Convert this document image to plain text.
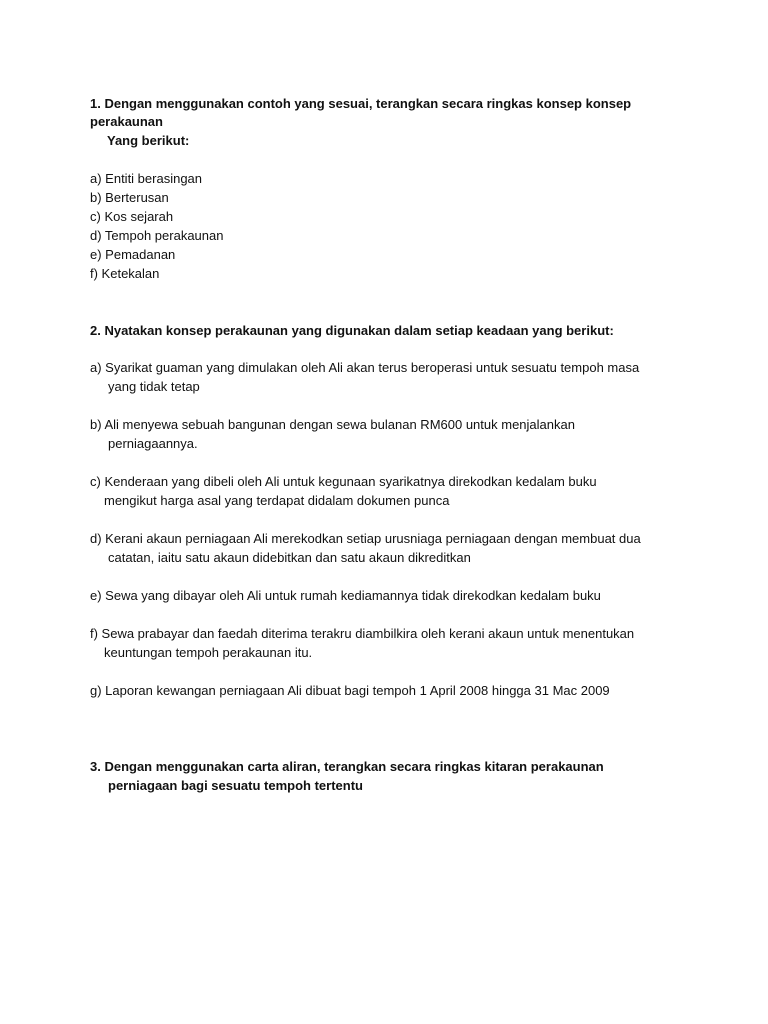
1. Dengan menggunakan contoh yang sesuai, terangkan secara ringkas konsep konsep
perakaunan
Yang berikut:
a) Entiti berasingan
b) Berterusan
c) Kos sejarah
d) Tempoh perakaunan
e) Pemadanan
f) Ketekalan
2. Nyatakan konsep perakaunan yang digunakan dalam setiap keadaan yang berikut:
a) Syarikat guaman yang dimulakan oleh Ali akan terus beroperasi untuk sesuatu tempoh masa
yang tidak tetap
b) Ali menyewa sebuah bangunan dengan sewa bulanan RM600 untuk menjalankan
perniagaannya.
c) Kenderaan yang dibeli oleh Ali untuk kegunaan syarikatnya direkodkan kedalam buku
mengikut harga asal yang terdapat didalam dokumen punca
d) Kerani akaun perniagaan Ali merekodkan setiap urusniaga perniagaan dengan membuat dua
catatan, iaitu satu akaun didebitkan dan satu akaun dikreditkan
e) Sewa yang dibayar oleh Ali untuk rumah kediamannya tidak direkodkan kedalam buku
f) Sewa prabayar dan faedah diterima terakru diambilkira oleh kerani akaun untuk menentukan
keuntungan tempoh perakaunan itu.
g) Laporan kewangan perniagaan Ali dibuat bagi tempoh 1 April 2008 hingga 31 Mac 2009
3. Dengan menggunakan carta aliran, terangkan secara ringkas kitaran perakaunan
perniagaan bagi sesuatu tempoh tertentu
